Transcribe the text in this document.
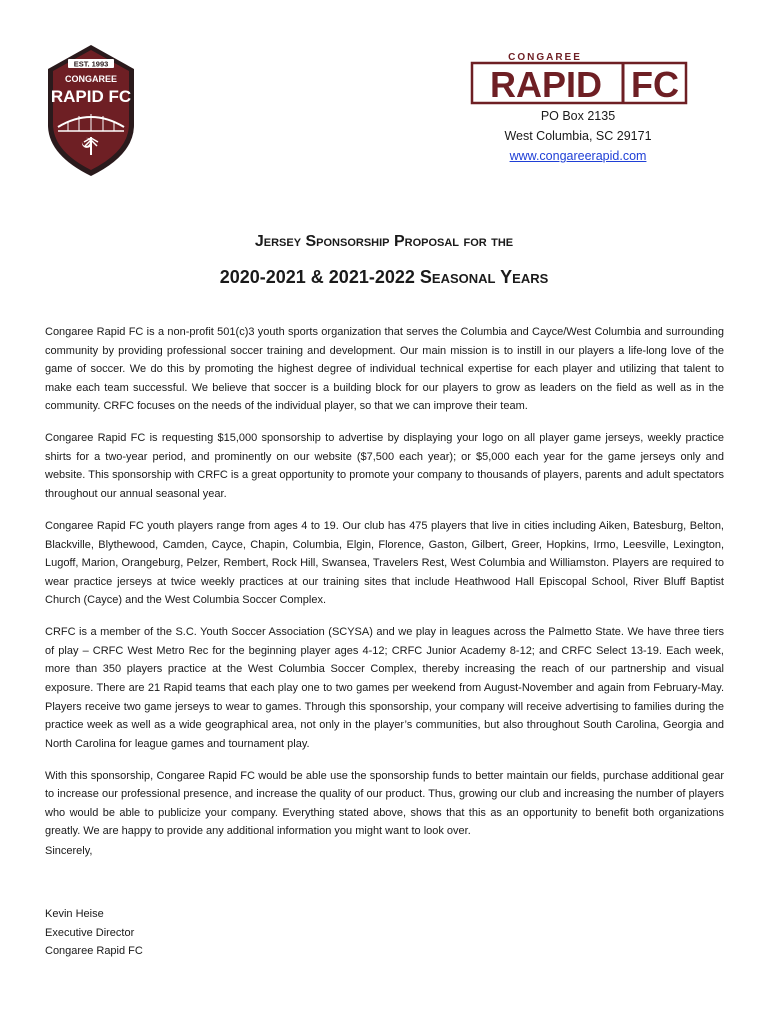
EST. 1993
CONGAREE
RAPID FC
CONGAREE
RAPID FC
PO Box 2135
West Columbia, SC 29171
www.congareerapid.com
Jersey Sponsorship Proposal for the
2020-2021 & 2021-2022 Seasonal Years

Congaree Rapid FC is a non-profit 501(c)3 youth sports organization that serves the Columbia and Cayce/West Columbia and surrounding community by providing professional soccer training and development. Our main mission is to instill in our players a life-long love of the game of soccer. We do this by promoting the highest degree of individual technical expertise for each player and utilizing that talent to make each team successful. We believe that soccer is a building block for our players to grow as leaders on the field as well as in the community. CRFC focuses on the needs of the individual player, so that we can improve their team.

Congaree Rapid FC is requesting $15,000 sponsorship to advertise by displaying your logo on all player game jerseys, weekly practice shirts for a two-year period, and prominently on our website ($7,500 each year); or $5,000 each year for the game jerseys only and website. This sponsorship with CRFC is a great opportunity to promote your company to thousands of players, parents and adult spectators throughout our annual seasonal year.

Congaree Rapid FC youth players range from ages 4 to 19. Our club has 475 players that live in cities including Aiken, Batesburg, Belton, Blackville, Blythewood, Camden, Cayce, Chapin, Columbia, Elgin, Florence, Gaston, Gilbert, Greer, Hopkins, Irmo, Leesville, Lexington, Lugoff, Marion, Orangeburg, Pelzer, Rembert, Rock Hill, Swansea, Travelers Rest, West Columbia and Williamston. Players are required to wear practice jerseys at twice weekly practices at our training sites that include Heathwood Hall Episcopal School, River Bluff Baptist Church (Cayce) and the West Columbia Soccer Complex.

CRFC is a member of the S.C. Youth Soccer Association (SCYSA) and we play in leagues across the Palmetto State. We have three tiers of play – CRFC West Metro Rec for the beginning player ages 4-12; CRFC Junior Academy 8-12; and CRFC Select 13-19. Each week, more than 350 players practice at the West Columbia Soccer Complex, thereby increasing the reach of our partnership and visual exposure. There are 21 Rapid teams that each play one to two games per weekend from August-November and again from February-May. Players receive two game jerseys to wear to games. Through this sponsorship, your company will receive advertising to families during the practice week as well as a wide geographical area, not only in the player’s communities, but also throughout South Carolina, Georgia and North Carolina for league games and tournament play.

With this sponsorship, Congaree Rapid FC would be able use the sponsorship funds to better maintain our fields, purchase additional gear to increase our professional presence, and increase the quality of our product. Thus, growing our club and increasing the number of players who would be able to publicize your company. Everything stated above, shows that this as an opportunity to benefit both organizations greatly. We are happy to provide any additional information you might want to look over.

Sincerely,
Kevin Heise
Executive Director
Congaree Rapid FC
